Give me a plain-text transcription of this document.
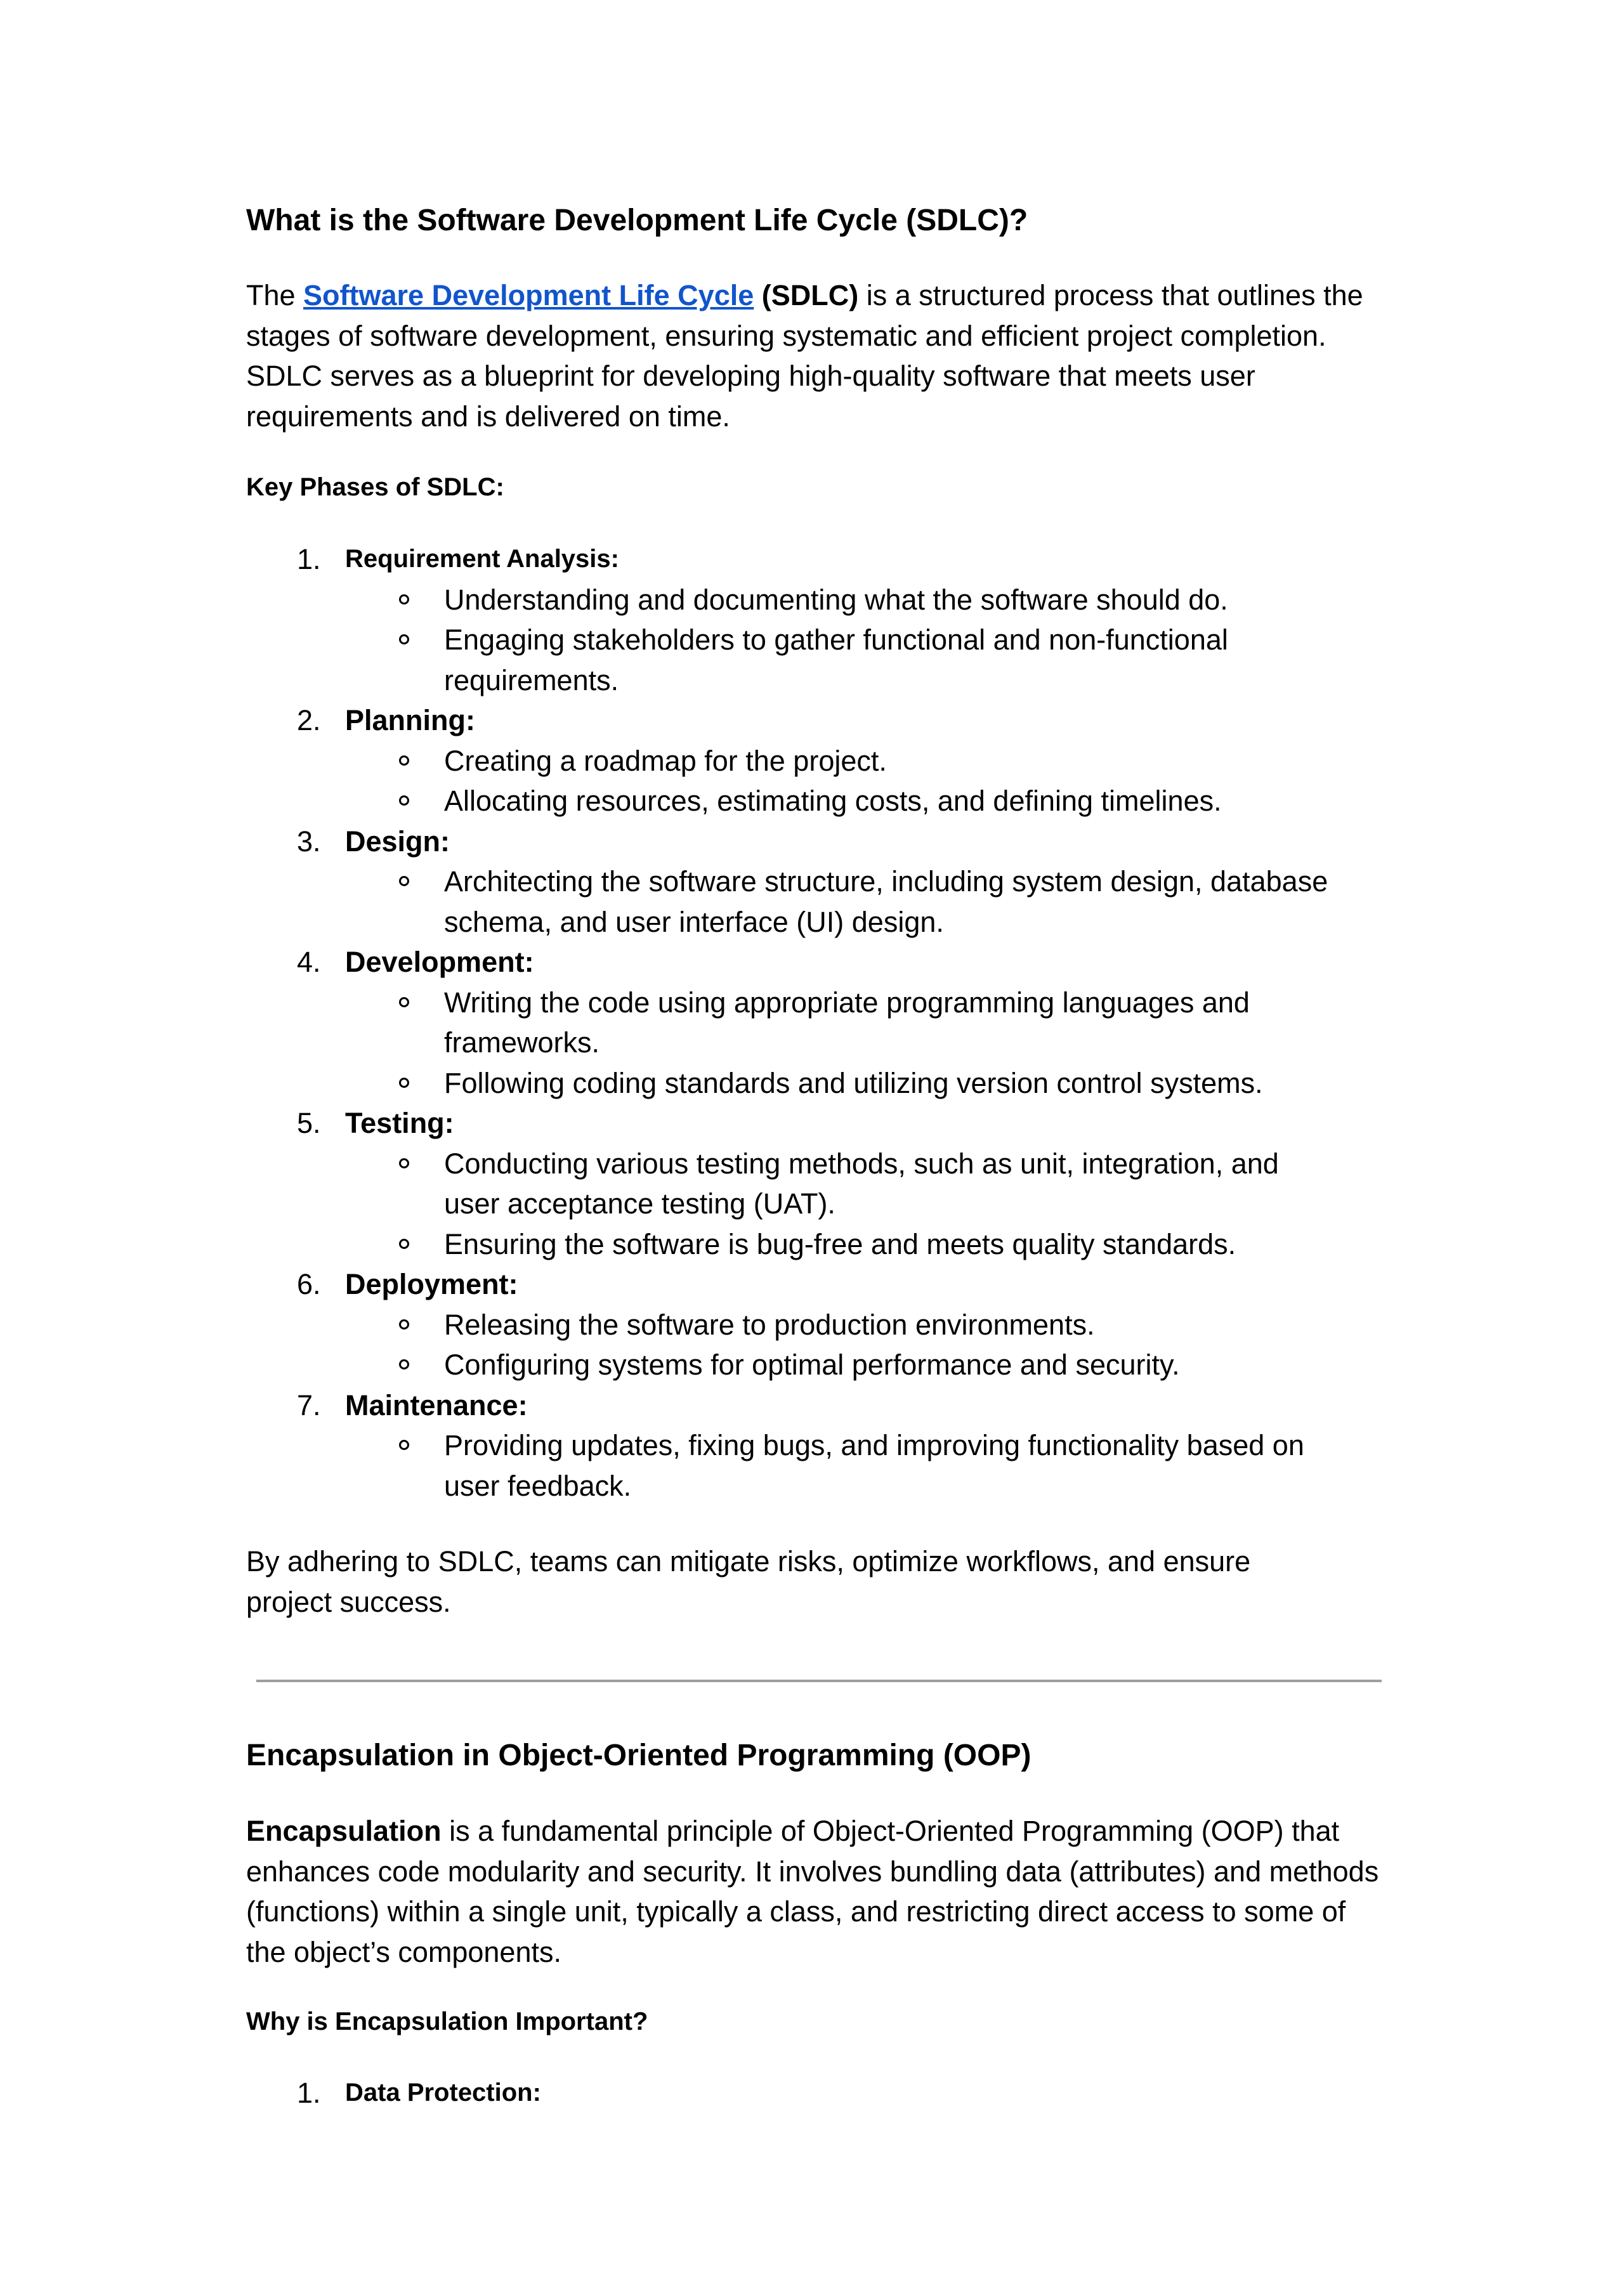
What is the Software Development Life Cycle (SDLC)?

The Software Development Life Cycle (SDLC) is a structured process that outlines the stages of software development, ensuring systematic and efficient project completion. SDLC serves as a blueprint for developing high-quality software that meets user requirements and is delivered on time.

Key Phases of SDLC:
1. Requirement Analysis:
Understanding and documenting what the software should do.
Engaging stakeholders to gather functional and non-functional requirements.
2. Planning:
Creating a roadmap for the project.
Allocating resources, estimating costs, and defining timelines.
3. Design:
Architecting the software structure, including system design, database schema, and user interface (UI) design.
4. Development:
Writing the code using appropriate programming languages and frameworks.
Following coding standards and utilizing version control systems.
5. Testing:
Conducting various testing methods, such as unit, integration, and user acceptance testing (UAT).
Ensuring the software is bug-free and meets quality standards.
6. Deployment:
Releasing the software to production environments.
Configuring systems for optimal performance and security.
7. Maintenance:
Providing updates, fixing bugs, and improving functionality based on user feedback.

By adhering to SDLC, teams can mitigate risks, optimize workflows, and ensure project success.

Encapsulation in Object-Oriented Programming (OOP)

Encapsulation is a fundamental principle of Object-Oriented Programming (OOP) that enhances code modularity and security. It involves bundling data (attributes) and methods (functions) within a single unit, typically a class, and restricting direct access to some of the object’s components.

Why is Encapsulation Important?
1. Data Protection:
